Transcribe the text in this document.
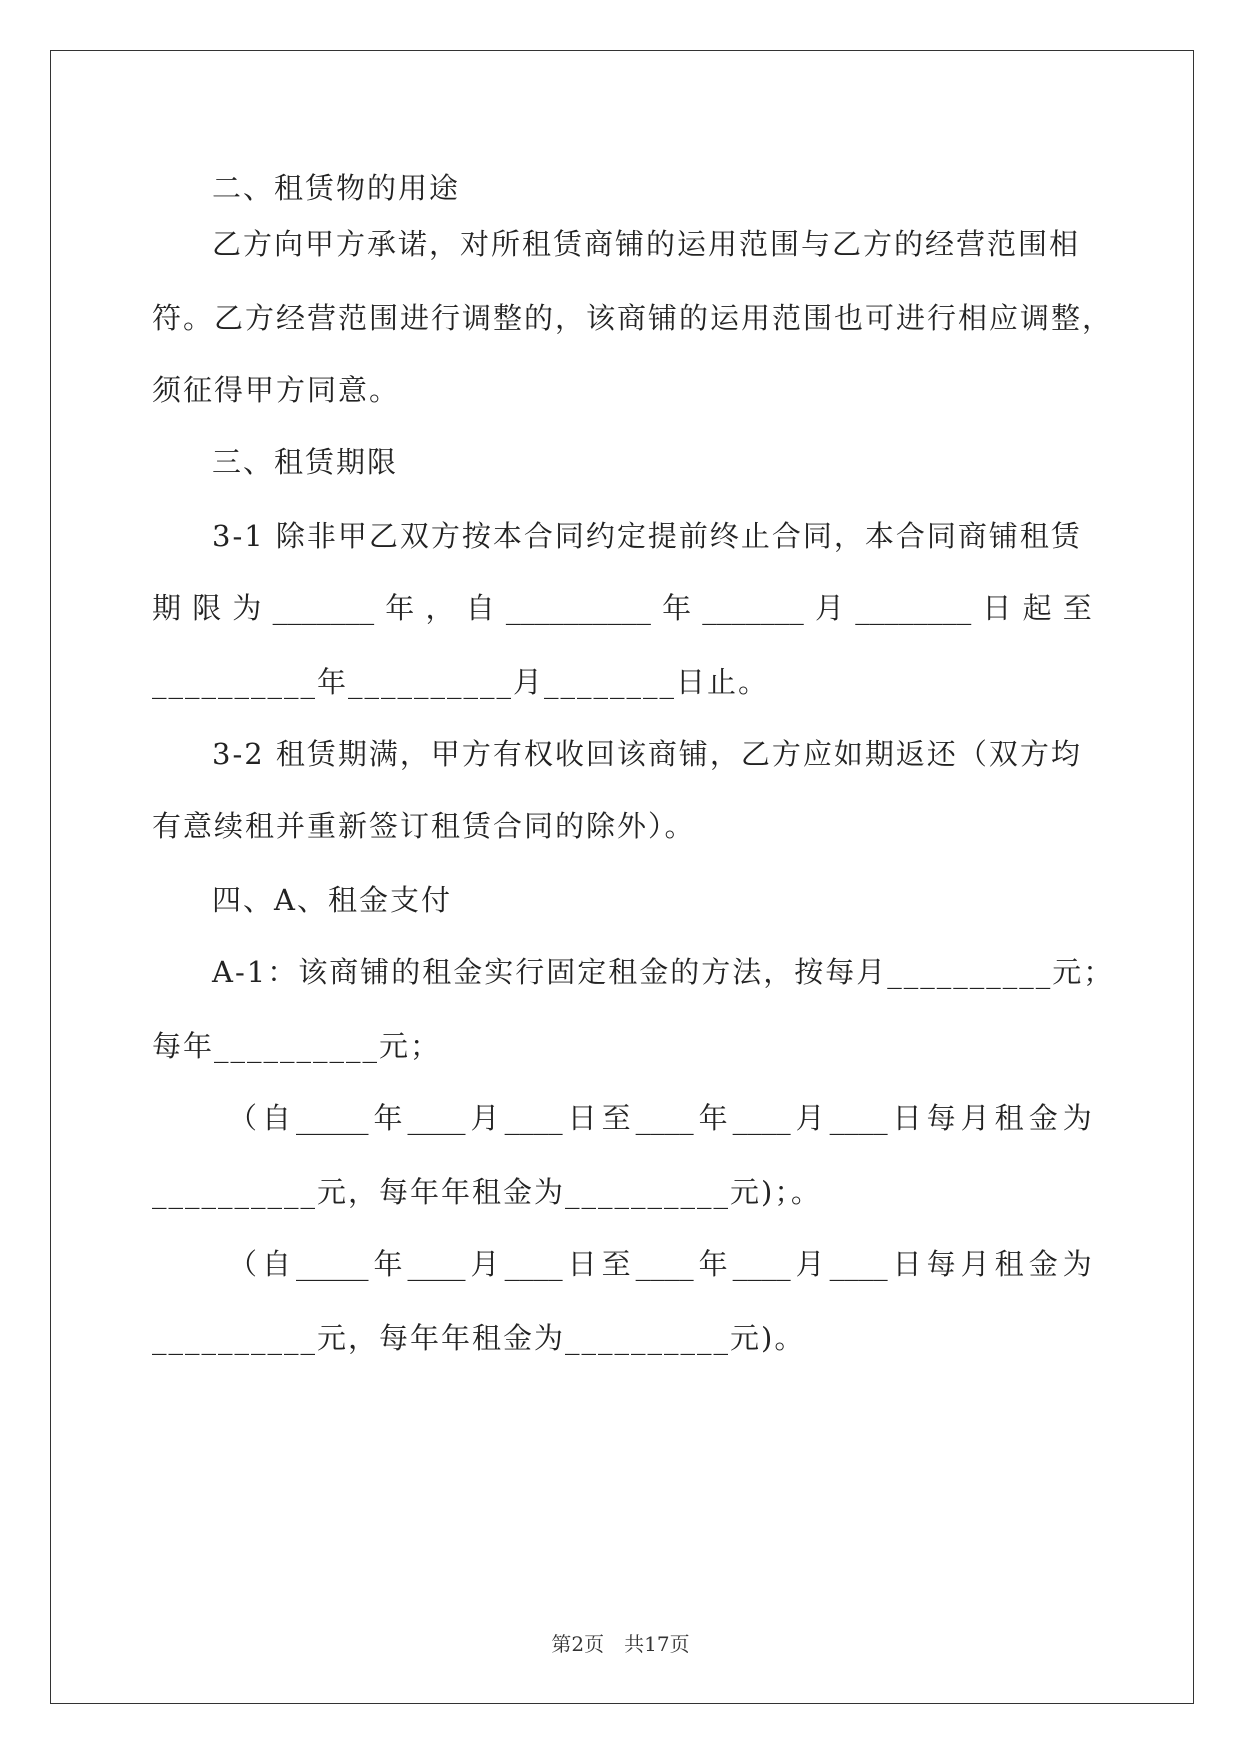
二、租赁物的用途
乙方向甲方承诺，对所租赁商铺的运用范围与乙方的经营范围相
符。乙方经营范围进行调整的，该商铺的运用范围也可进行相应调整，
须征得甲方同意。
三、租赁期限
3-1 除非甲乙双方按本合同约定提前终止合同，本合同商铺租赁
期 限 为 _______ 年 ， 自 __________ 年 _______ 月 ________ 日 起 至
__________年__________月________日止。
3-2 租赁期满，甲方有权收回该商铺，乙方应如期返还（双方均
有意续租并重新签订租赁合同的除外）。
四、A、租金支付
A-1：该商铺的租金实行固定租金的方法，按每月__________元；
每年__________元；
（ 自 _____ 年 ____ 月 ____ 日 至 ____ 年 ____ 月 ____ 日 每 月 租 金 为
__________元，每年年租金为__________元)；。
（ 自 _____ 年 ____ 月 ____ 日 至 ____ 年 ____ 月 ____ 日 每 月 租 金 为
__________元，每年年租金为__________元)。
第2页　共17页
